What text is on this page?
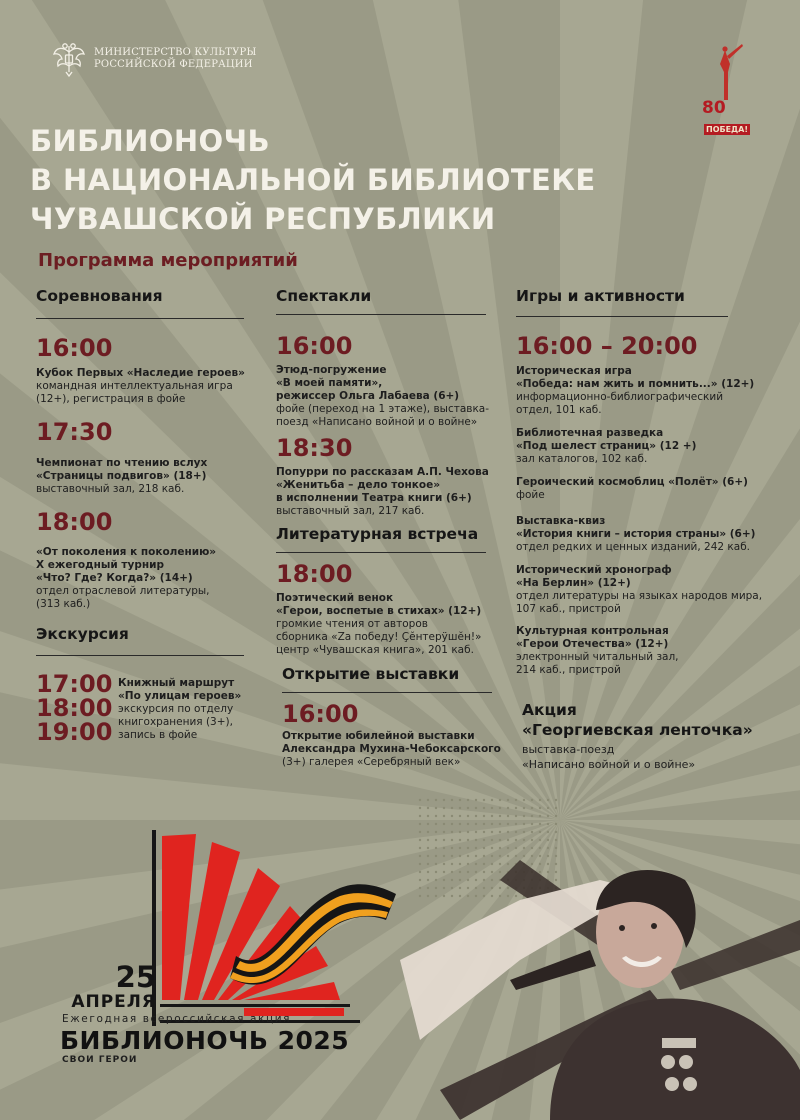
МИНИСТЕРСТВО КУЛЬТУРЫ
РОССИЙСКОЙ ФЕДЕРАЦИИ
80
ПОБЕДА!
БИБЛИОНОЧЬ
В НАЦИОНАЛЬНОЙ БИБЛИОТЕКЕ
ЧУВАШСКОЙ РЕСПУБЛИКИ
Программа мероприятий
Соревнования
16:00
Кубок Первых «Наследие героев»
командная интеллектуальная игра
(12+), регистрация в фойе
17:30
Чемпионат по чтению вслух
«Страницы подвигов» (18+)
выставочный зал, 218 каб.
18:00
«От поколения к поколению»
X ежегодный турнир
«Что? Где? Когда?» (14+)
отдел отраслевой литературы,
(313 каб.)
Экскурсия
17:00
18:00
19:00
Книжный маршрут
«По улицам героев»
экскурсия по отделу
книгохранения (3+),
запись в фойе
Спектакли
16:00
Этюд-погружение
«В моей памяти»,
режиссер Ольга Лабаева (6+)
фойе (переход на 1 этаже), выставка-
поезд «Написано войной и о войне»
18:30
Попурри по рассказам А.П. Чехова
«Женитьба – дело тонкое»
в исполнении Театра книги (6+)
выставочный зал, 217 каб.
Литературная встреча
18:00
Поэтический венок
«Герои, воспетые в стихах» (12+)
громкие чтения от авторов
сборника «Zа победу! Çĕнтерÿшĕн!»
центр «Чувашская книга», 201 каб.
Открытие выставки
16:00
Открытие юбилейной выставки
Александра Мухина-Чебоксарского
(3+) галерея «Серебряный век»
Игры и активности
16:00 – 20:00
Историческая игра
«Победа: нам жить и помнить...» (12+)
информационно-библиографический
отдел, 101 каб.
Библиотечная разведка
«Под шелест страниц» (12 +)
зал каталогов, 102 каб.
Героический космоблиц «Полёт» (6+)
фойе
Выставка-квиз
«История книги – история страны» (6+)
отдел редких и ценных изданий, 242 каб.
Исторический хронограф
«На Берлин» (12+)
отдел литературы на языках народов мира,
107 каб., пристрой
Культурная контрольная
«Герои Отечества» (12+)
электронный читальный зал,
214 каб., пристрой
Акция
«Георгиевская ленточка»
выставка-поезд
«Написано войной и о войне»
25
АПРЕЛЯ
Ежегодная всероссийская акция
БИБЛИОНОЧЬ 2025
СВОИ ГЕРОИ
